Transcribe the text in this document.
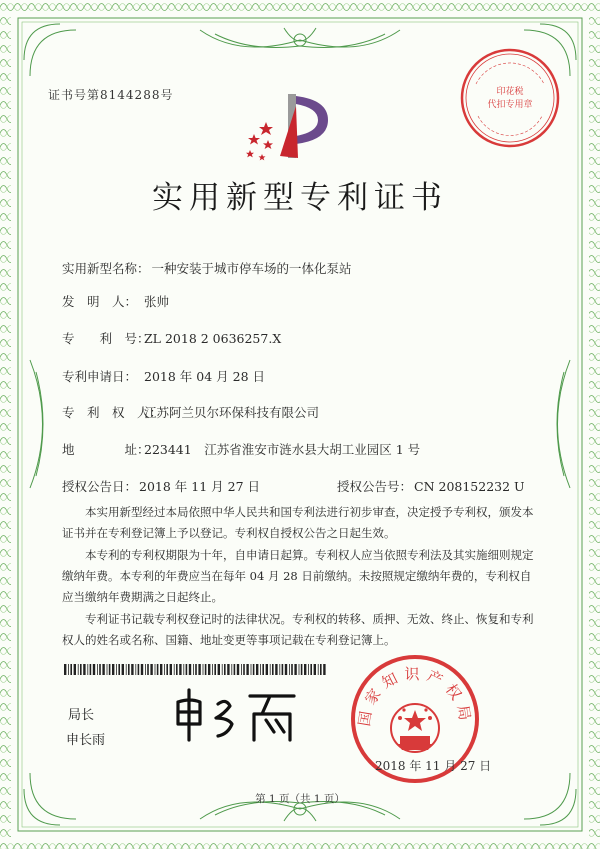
证书号第8144288号	印花税
代扣专用章
实用新型专利证书
实用新型名称： 一种安装于城市停车场的一体化泵站
发　明　人： 张帅
专　　利　号：ZL 2018 2 0636257.X
专利申请日： 2018 年 04 月 28 日
专　利　权　人：江苏阿兰贝尔环保科技有限公司
地　　　　址：223441　江苏省淮安市涟水县大胡工业园区 1 号
授权公告日： 2018 年 11 月 27 日	授权公告号： CN 208152232 U
本实用新型经过本局依照中华人民共和国专利法进行初步审查，决定授予专利权，颁发本证书并在专利登记簿上予以登记。专利权自授权公告之日起生效。
本专利的专利权期限为十年，自申请日起算。专利权人应当依照专利法及其实施细则规定缴纳年费。本专利的年费应当在每年 04 月 28 日前缴纳。未按照规定缴纳年费的，专利权自应当缴纳年费期满之日起终止。
专利证书记载专利权登记时的法律状况。专利权的转移、质押、无效、终止、恢复和专利权人的姓名或名称、国籍、地址变更等事项记载在专利登记簿上。
局长
申长雨
国家知识产权局
2018 年 11 月 27 日
第 1 页（共 1 页）
